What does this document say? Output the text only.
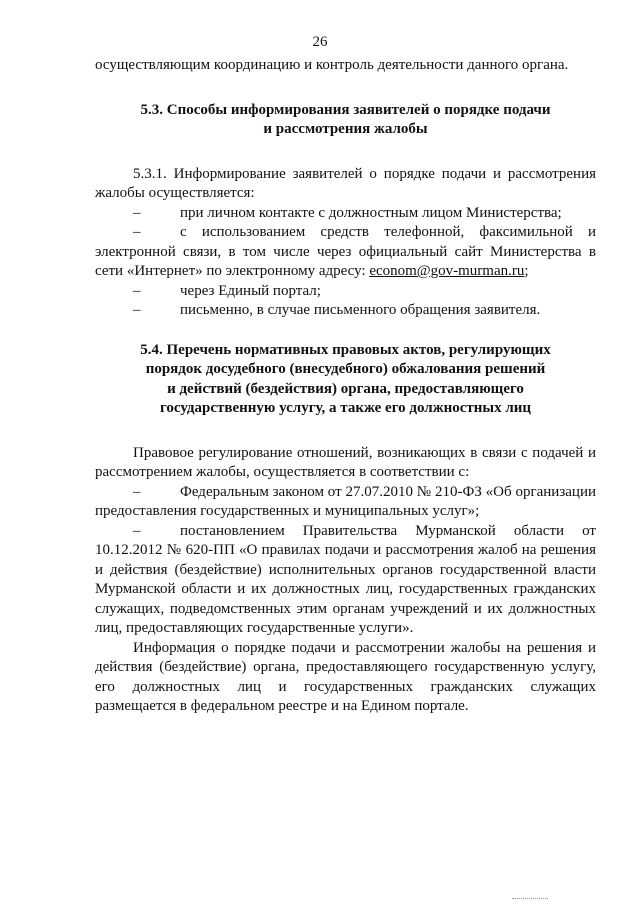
26

осуществляющим координацию и контроль деятельности данного органа.

5.3. Способы информирования заявителей о порядке подачи

и рассмотрения жалобы

5.3.1. Информирование заявителей о порядке подачи и рассмотрения

жалобы осуществляется:

–	при личном контакте с должностным лицом Министерства;
–	с использованием средств телефонной, факсимильной и

электронной связи, в том числе через официальный сайт Министерства в

сети «Интернет» по электронному адресу: econom@gov-murman.ru;

–	через Единый портал;
–	письменно, в случае письменного обращения заявителя.

5.4. Перечень нормативных правовых актов, регулирующих

порядок досудебного (внесудебного) обжалования решений

и действий (бездействия) органа, предоставляющего

государственную услугу, а также его должностных лиц

Правовое регулирование отношений, возникающих в связи с подачей и

рассмотрением жалобы, осуществляется в соответствии с:

–	Федеральным законом от 27.07.2010 № 210-ФЗ «Об организации

предоставления государственных и муниципальных услуг»;

–	постановлением Правительства Мурманской области от

10.12.2012 № 620-ПП «О правилах подачи и рассмотрения жалоб на решения и действия (бездействие) исполнительных органов государственной власти Мурманской области и их должностных лиц, государственных гражданских служащих, подведомственных этим органам учреждений и их должностных лиц, предоставляющих государственные услуги».

Информация о порядке подачи и рассмотрении жалобы на решения и действия (бездействие) органа, предоставляющего государственную услугу, его должностных лиц и государственных гражданских служащих размещается в федеральном реестре и на Едином портале.
